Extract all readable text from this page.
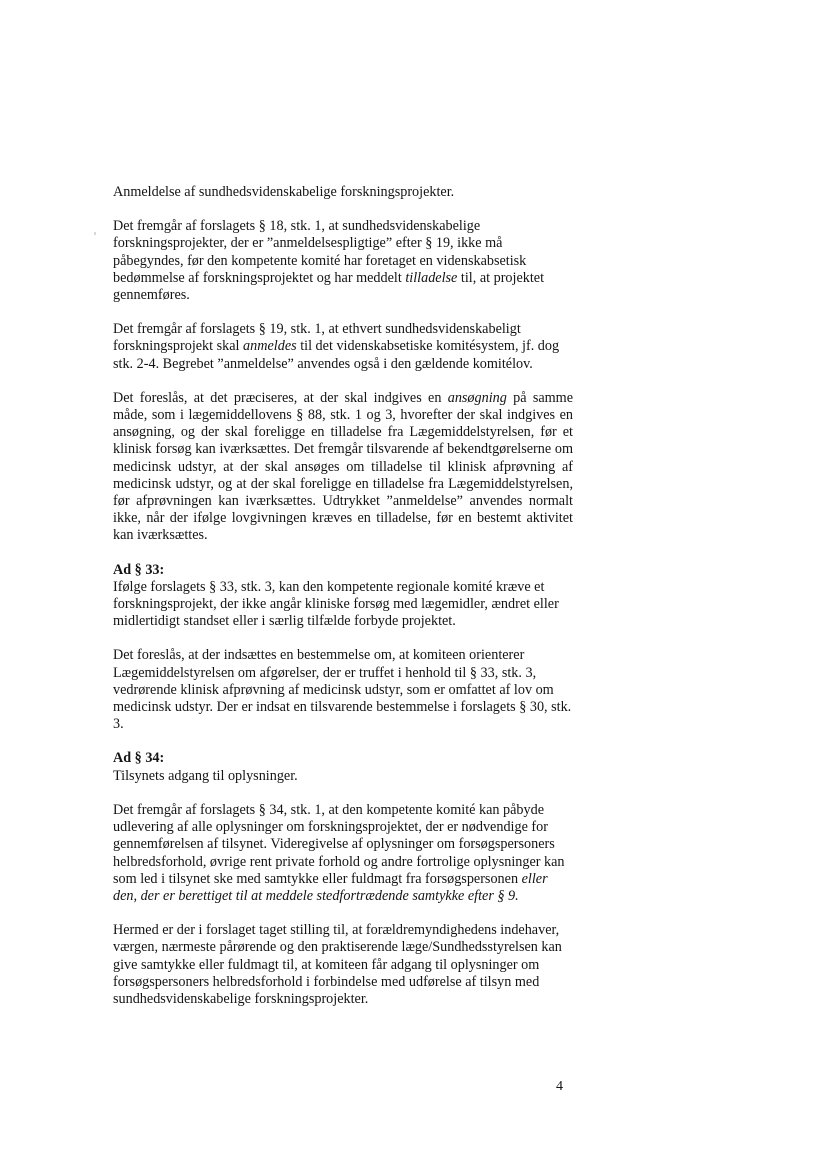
Anmeldelse af sundhedsvidenskabelige forskningsprojekter.

Det fremgår af forslagets § 18, stk. 1, at sundhedsvidenskabelige forskningsprojekter, der er ”anmeldelsespligtige” efter § 19, ikke må påbegyndes, før den kompetente komité har foretaget en videnskabsetisk bedømmelse af forskningsprojektet og har meddelt tilladelse til, at projektet gennemføres.

Det fremgår af forslagets § 19, stk. 1, at ethvert sundhedsvidenskabeligt forskningsprojekt skal anmeldes til det videnskabsetiske komitésystem, jf. dog stk. 2-4. Begrebet ”anmeldelse” anvendes også i den gældende komitélov.

Det foreslås, at det præciseres, at der skal indgives en ansøgning på samme måde, som i lægemiddellovens § 88, stk. 1 og 3, hvorefter der skal indgives en ansøgning, og der skal foreligge en tilladelse fra Lægemiddelstyrelsen, før et klinisk forsøg kan iværksættes. Det fremgår tilsvarende af bekendtgørelserne om medicinsk udstyr, at der skal ansøges om tilladelse til klinisk afprøvning af medicinsk udstyr, og at der skal foreligge en tilladelse fra Lægemiddelstyrelsen, før afprøvningen kan iværksættes. Udtrykket ”anmeldelse” anvendes normalt ikke, når der ifølge lovgivningen kræves en tilladelse, før en bestemt aktivitet kan iværksættes.

Ad § 33:
Ifølge forslagets § 33, stk. 3, kan den kompetente regionale komité kræve et forskningsprojekt, der ikke angår kliniske forsøg med lægemidler, ændret eller midlertidigt standset eller i særlig tilfælde forbyde projektet.

Det foreslås, at der indsættes en bestemmelse om, at komiteen orienterer Lægemiddelstyrelsen om afgørelser, der er truffet i henhold til § 33, stk. 3, vedrørende klinisk afprøvning af medicinsk udstyr, som er omfattet af lov om medicinsk udstyr. Der er indsat en tilsvarende bestemmelse i forslagets § 30, stk. 3.

Ad § 34:
Tilsynets adgang til oplysninger.

Det fremgår af forslagets § 34, stk. 1, at den kompetente komité kan påbyde udlevering af alle oplysninger om forskningsprojektet, der er nødvendige for gennemførelsen af tilsynet. Videregivelse af oplysninger om forsøgspersoners helbredsforhold, øvrige rent private forhold og andre fortrolige oplysninger kan som led i tilsynet ske med samtykke eller fuldmagt fra forsøgspersonen eller den, der er berettiget til at meddele stedfortrædende samtykke efter § 9.

Hermed er der i forslaget taget stilling til, at forældremyndighedens indehaver, værgen, nærmeste pårørende og den praktiserende læge/Sundhedsstyrelsen kan give samtykke eller fuldmagt til, at komiteen får adgang til oplysninger om forsøgspersoners helbredsforhold i forbindelse med udførelse af tilsyn med sundhedsvidenskabelige forskningsprojekter.

4
